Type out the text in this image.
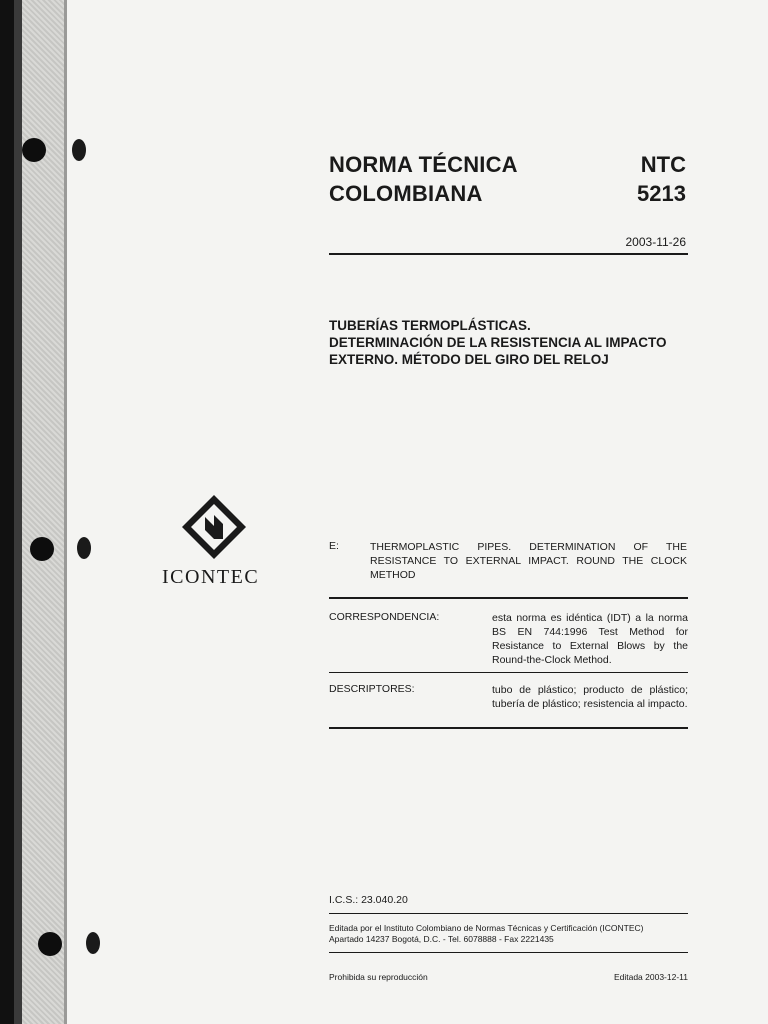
NORMA TÉCNICA
COLOMBIANA
NTC
5213
2003-11-26
TUBERÍAS TERMOPLÁSTICAS.
DETERMINACIÓN DE LA RESISTENCIA AL IMPACTO
EXTERNO. MÉTODO DEL GIRO DEL RELOJ
ICONTEC
E:	THERMOPLASTIC PIPES. DETERMINATION OF THE RESISTANCE TO EXTERNAL IMPACT. ROUND THE CLOCK METHOD
CORRESPONDENCIA:	esta norma es idéntica (IDT) a la norma BS EN 744:1996 Test Method for Resistance to External Blows by the Round-the-Clock Method.
DESCRIPTORES:	tubo de plástico; producto de plástico; tubería de plástico; resistencia al impacto.
I.C.S.: 23.040.20
Editada por el Instituto Colombiano de Normas Técnicas y Certificación (ICONTEC)
Apartado 14237 Bogotá, D.C. - Tel. 6078888 - Fax 2221435
Prohibida su reproducción	Editada 2003-12-11
